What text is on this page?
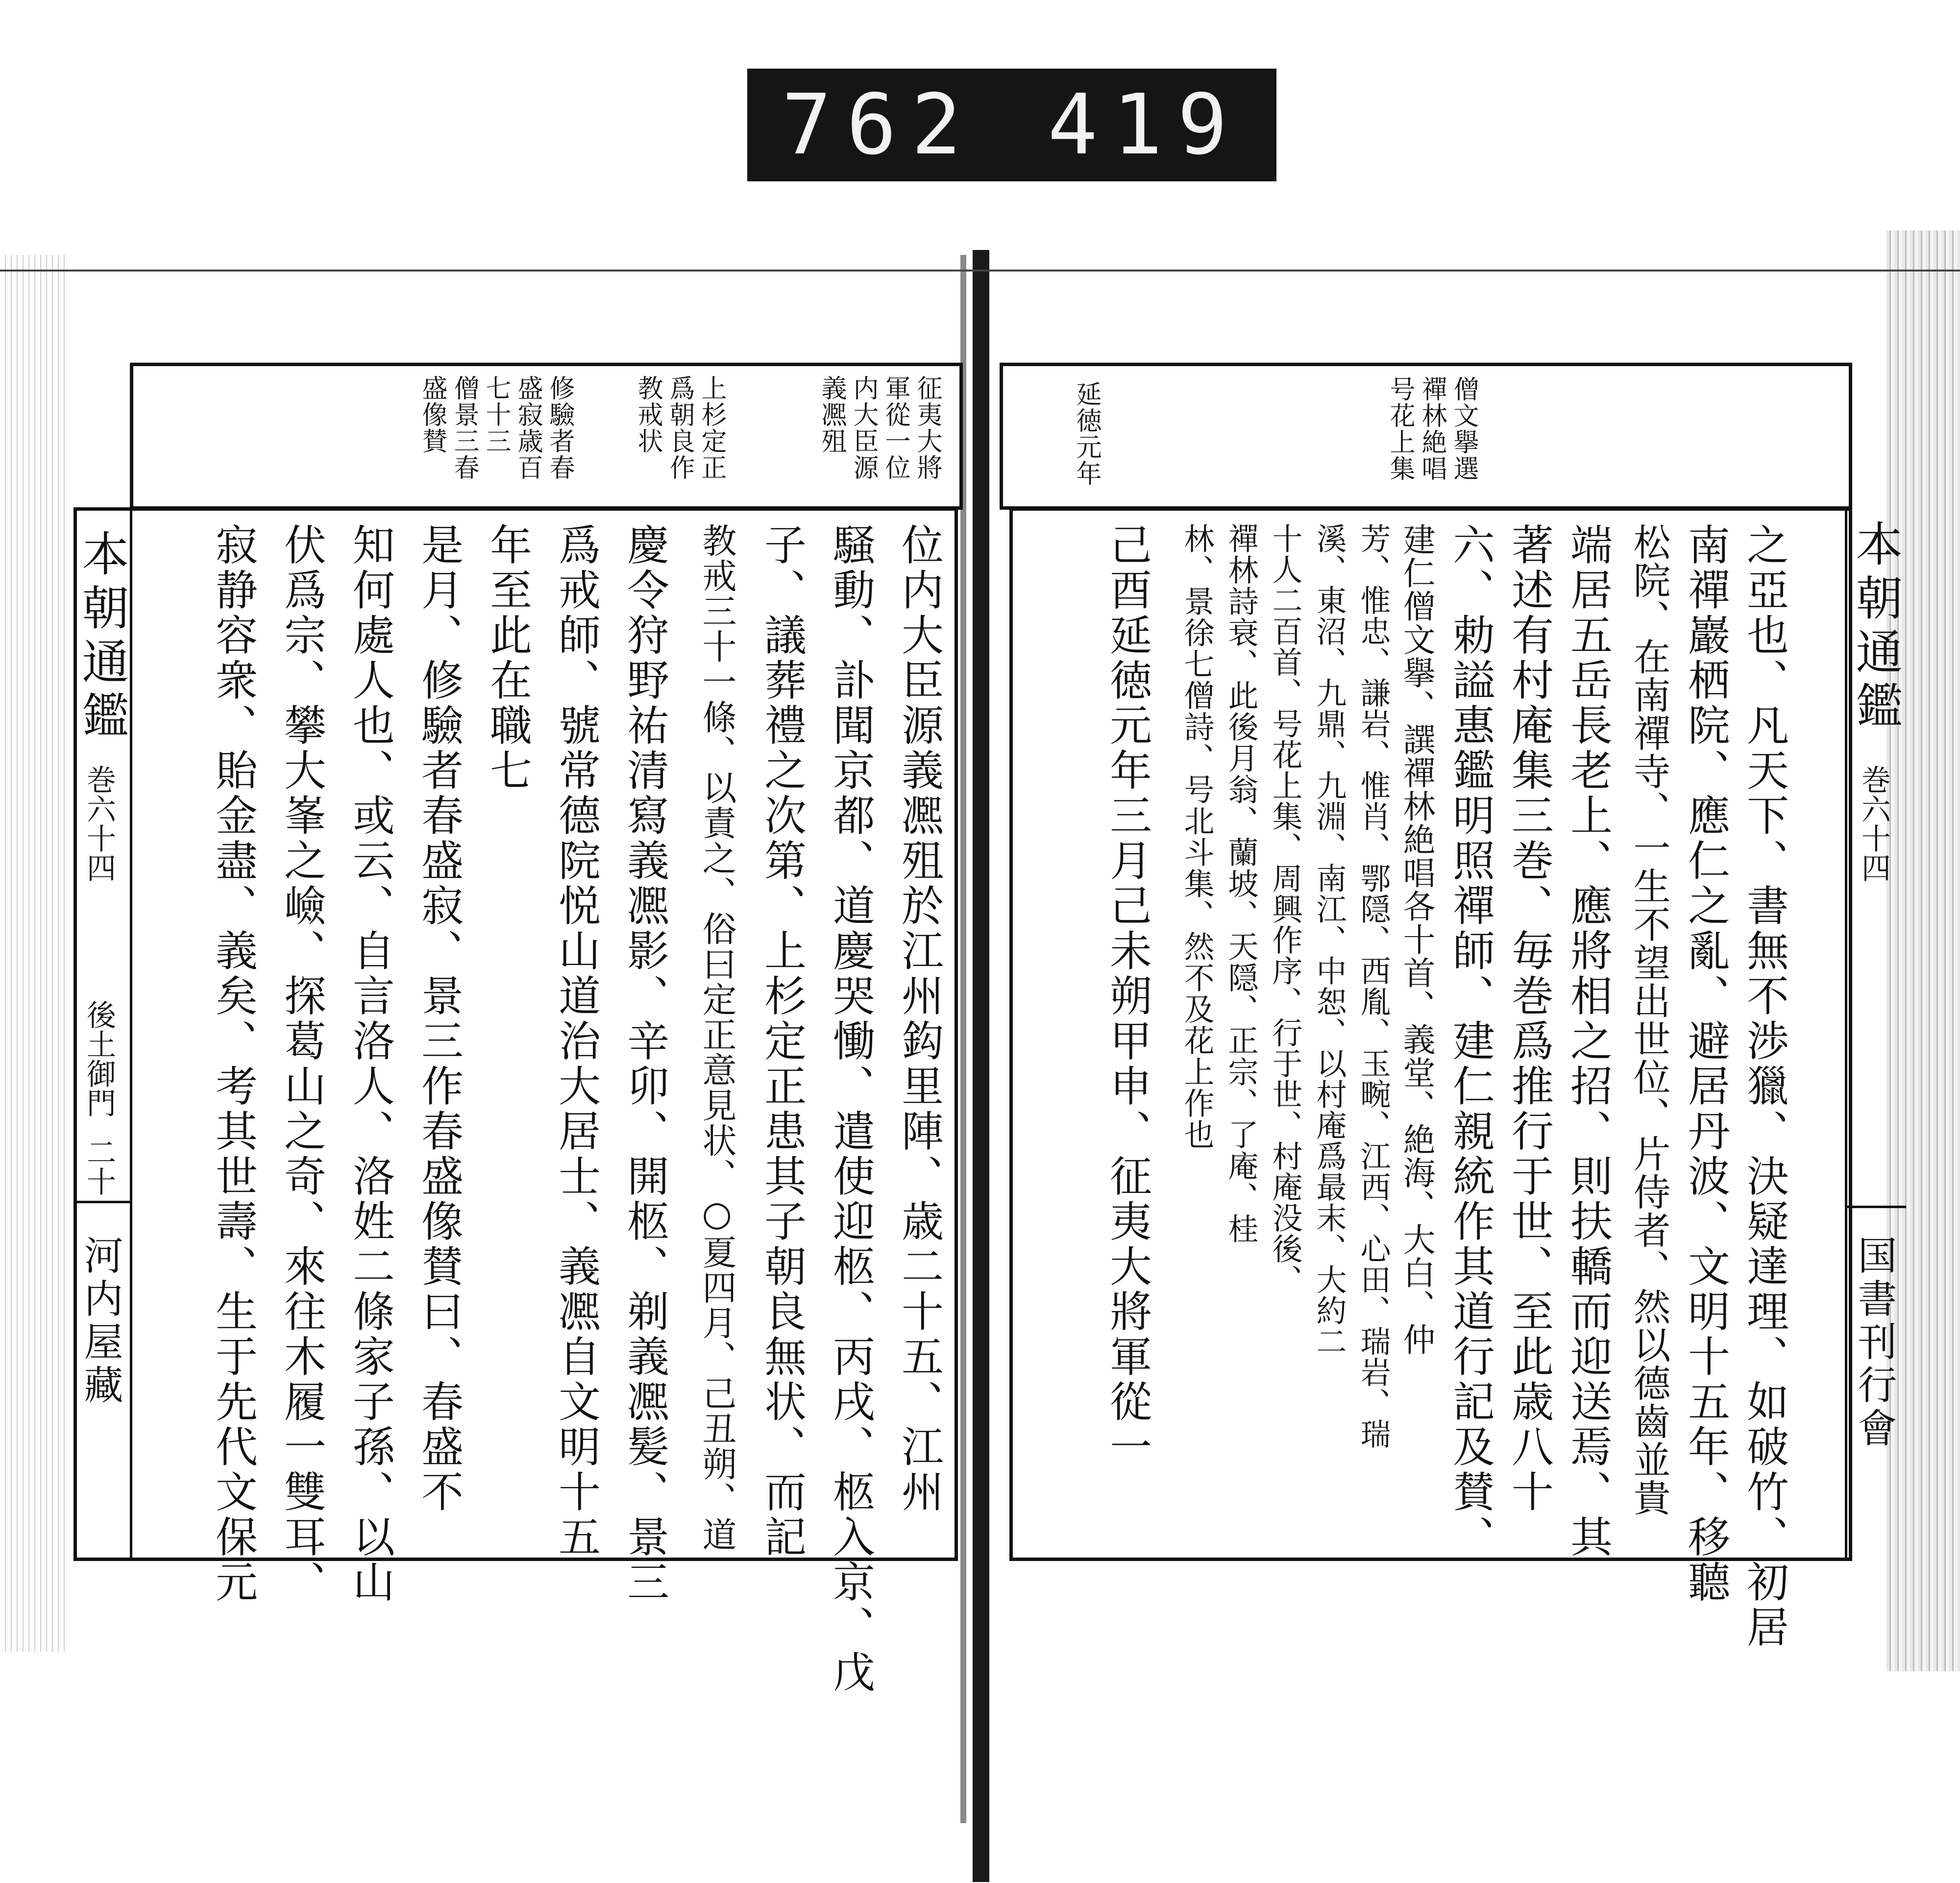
762 419
征夷大將
軍從一位
内大臣源
義凞殂
上杉定正
爲朝良作
教戒状
修驗者春
盛寂歳百
七十三
僧景三春
盛像賛
位内大臣源義凞殂於江州鈎里陣、歳二十五、江州
騒動、訃聞京都、道慶哭慟、遣使迎柩、丙戌、柩入京、戊
子、議葬禮之次第、上杉定正患其子朝良無状、而記
教戒三十一條、以責之、俗曰定正意見状、○夏四月、己丑朔、道
慶令狩野祐清寫義凞影、辛卯、開柩、剃義凞髪、景三
爲戒師、號常德院悦山道治大居士、義凞自文明十五
年至此在職七
是月、修驗者春盛寂、景三作春盛像賛曰、春盛不
知何處人也、或云、自言洛人、洛姓二條家子孫、以山
伏爲宗、攀大峯之嶮、探葛山之奇、來往木履一雙耳、
寂静容衆、貽金盡、義矣、考其世壽、生于先代文保元
本朝通鑑
巻六十四
後土御門
二十
河内屋藏
僧文擧選
禪林絶唱
号花上集
延徳元年
之亞也、凡天下、書無不渉獵、決疑達理、如破竹、初居
南禪巖栖院、應仁之亂、避居丹波、文明十五年、移聽
松院、在南禪寺、一生不望出世位、片侍者、然以德齒並貴
端居五岳長老上、應將相之招、則扶轎而迎送焉、其
著述有村庵集三巻、毎巻爲推行于世、至此歳八十
六、勅謚惠鑑明照禪師、建仁親統作其道行記及賛、
建仁僧文擧、譔禪林絶唱各十首、義堂、絶海、大白、仲
芳、惟忠、謙岩、惟肖、鄂隠、西胤、玉畹、江西、心田、瑞岩、瑞
溪、東沼、九鼎、九淵、南江、中恕、以村庵爲最末、大約二
十人二百首、号花上集、周興作序、行于世、村庵没後、
禪林詩衰、此後月翁、蘭坡、天隠、正宗、了庵、桂
林、景徐七僧詩、号北斗集、然不及花上作也
己酉延徳元年三月己未朔甲申、征夷大將軍從一	本朝通鑑
巻六十四
国書刊行會
